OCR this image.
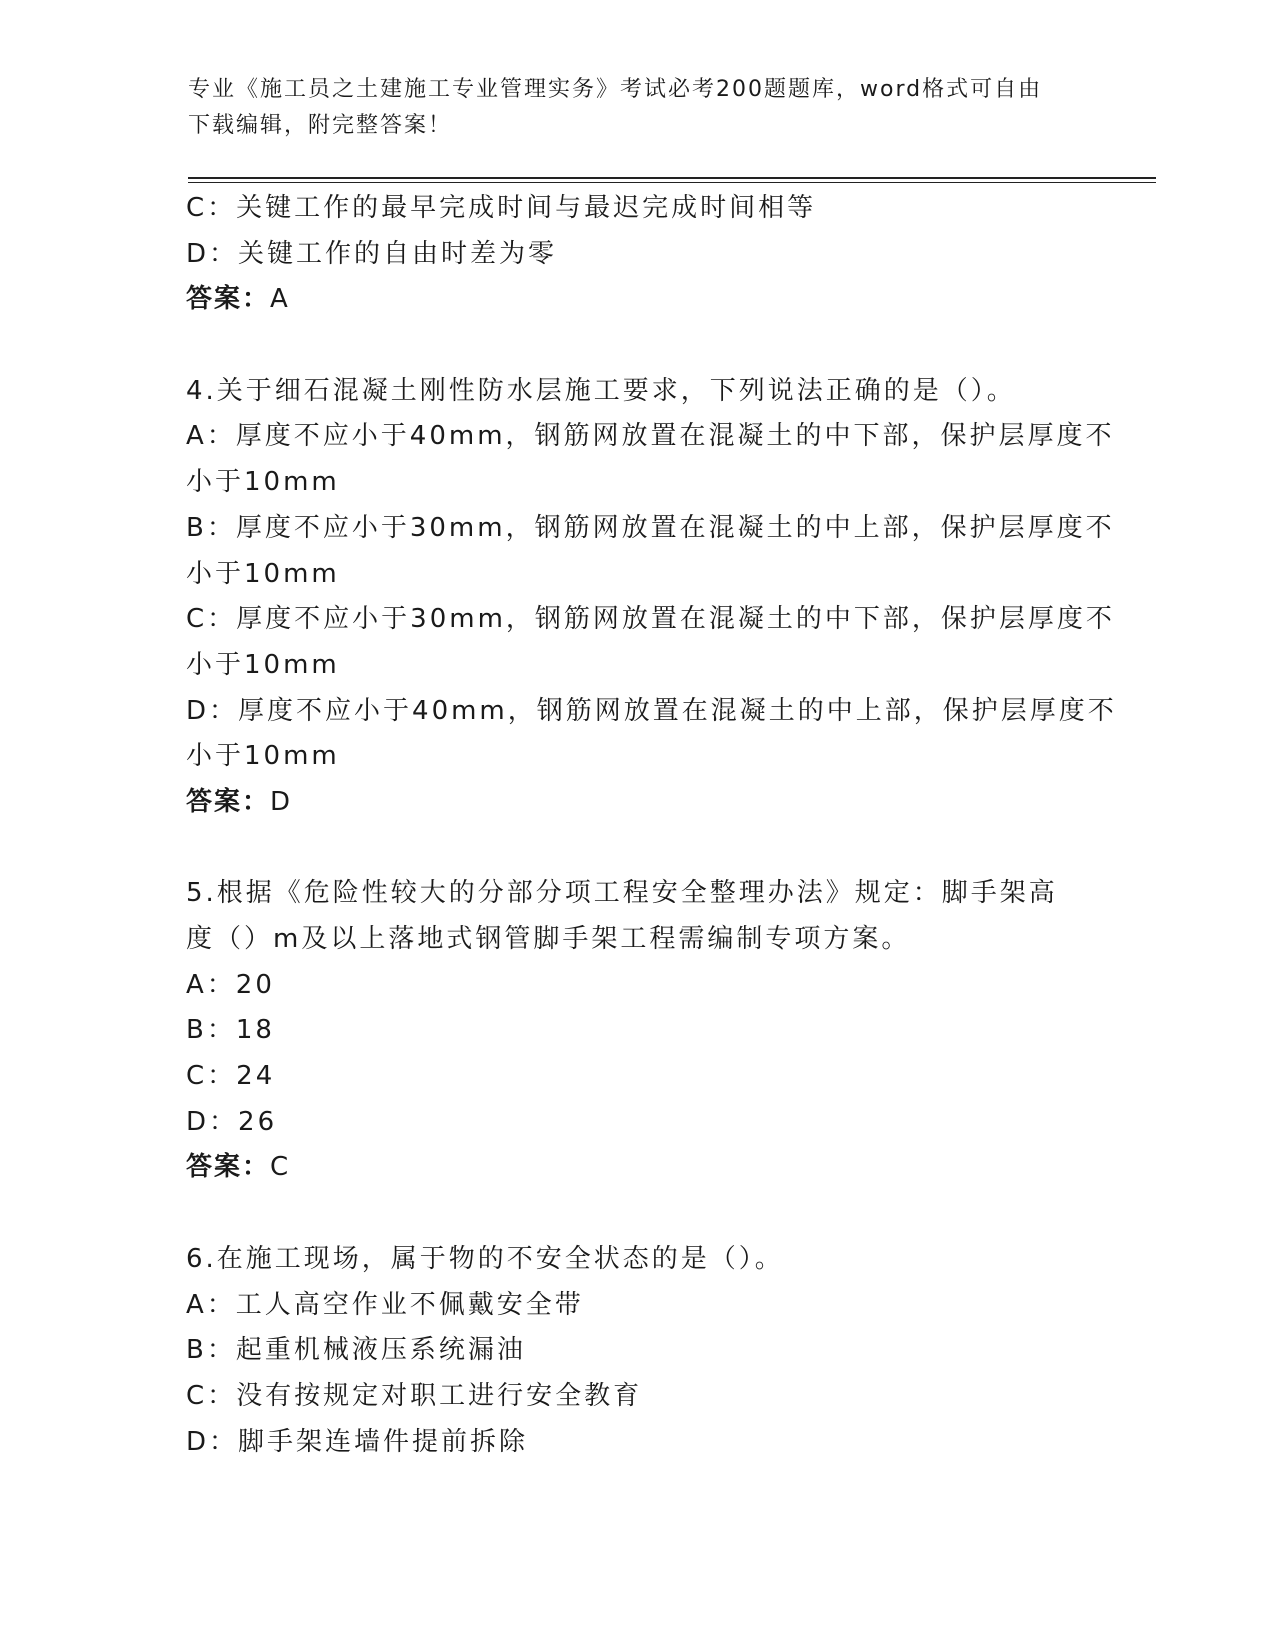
专业《施工员之土建施工专业管理实务》考试必考200题题库，word格式可自由
下载编辑，附完整答案！
C：关键工作的最早完成时间与最迟完成时间相等
D：关键工作的自由时差为零
答案：A
4.关于细石混凝土刚性防水层施工要求，下列说法正确的是（）。
A：厚度不应小于40mm，钢筋网放置在混凝土的中下部，保护层厚度不
小于10mm
B：厚度不应小于30mm，钢筋网放置在混凝土的中上部，保护层厚度不
小于10mm
C：厚度不应小于30mm，钢筋网放置在混凝土的中下部，保护层厚度不
小于10mm
D：厚度不应小于40mm，钢筋网放置在混凝土的中上部，保护层厚度不
小于10mm
答案：D
5.根据《危险性较大的分部分项工程安全整理办法》规定：脚手架高
度（）m及以上落地式钢管脚手架工程需编制专项方案。
A：20
B：18
C：24
D：26
答案：C
6.在施工现场，属于物的不安全状态的是（）。
A：工人高空作业不佩戴安全带
B：起重机械液压系统漏油
C：没有按规定对职工进行安全教育
D：脚手架连墙件提前拆除
